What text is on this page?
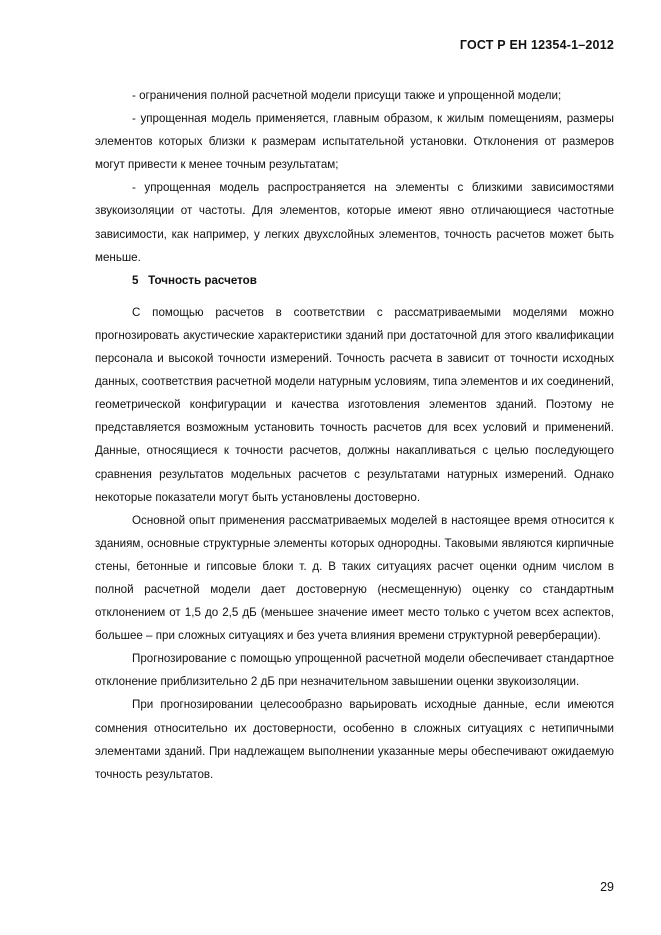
ГОСТ Р ЕН 12354-1–2012

- ограничения полной расчетной модели присущи также и упрощенной модели;

- упрощенная модель применяется, главным образом, к жилым помещениям, размеры элементов которых близки к размерам испытательной установки. Отклонения от размеров могут привести к менее точным результатам;

- упрощенная модель распространяется на элементы с близкими зависимостями звукоизоляции от частоты. Для элементов, которые имеют явно отличающиеся частотные зависимости, как например, у легких двухслойных элементов, точность расчетов может быть меньше.

5 Точность расчетов

С помощью расчетов в соответствии с рассматриваемыми моделями можно прогнозировать акустические характеристики зданий при достаточной для этого квалификации персонала и высокой точности измерений. Точность расчета в зависит от точности исходных данных, соответствия расчетной модели натурным условиям, типа элементов и их соединений, геометрической конфигурации и качества изготовления элементов зданий. Поэтому не представляется возможным установить точность расчетов для всех условий и применений. Данные, относящиеся к точности расчетов, должны накапливаться с целью последующего сравнения результатов модельных расчетов с результатами натурных измерений. Однако некоторые показатели могут быть установлены достоверно.

Основной опыт применения рассматриваемых моделей в настоящее время относится к зданиям, основные структурные элементы которых однородны. Таковыми являются кирпичные стены, бетонные и гипсовые блоки т. д. В таких ситуациях расчет оценки одним числом в полной расчетной модели дает достоверную (несмещенную) оценку со стандартным отклонением от 1,5 до 2,5 дБ (меньшее значение имеет место только с учетом всех аспектов, большее – при сложных ситуациях и без учета влияния времени структурной реверберации).

Прогнозирование с помощью упрощенной расчетной модели обеспечивает стандартное отклонение приблизительно 2 дБ при незначительном завышении оценки звукоизоляции.

При прогнозировании целесообразно варьировать исходные данные, если имеются сомнения относительно их достоверности, особенно в сложных ситуациях с нетипичными элементами зданий. При надлежащем выполнении указанные меры обеспечивают ожидаемую точность результатов.

29
